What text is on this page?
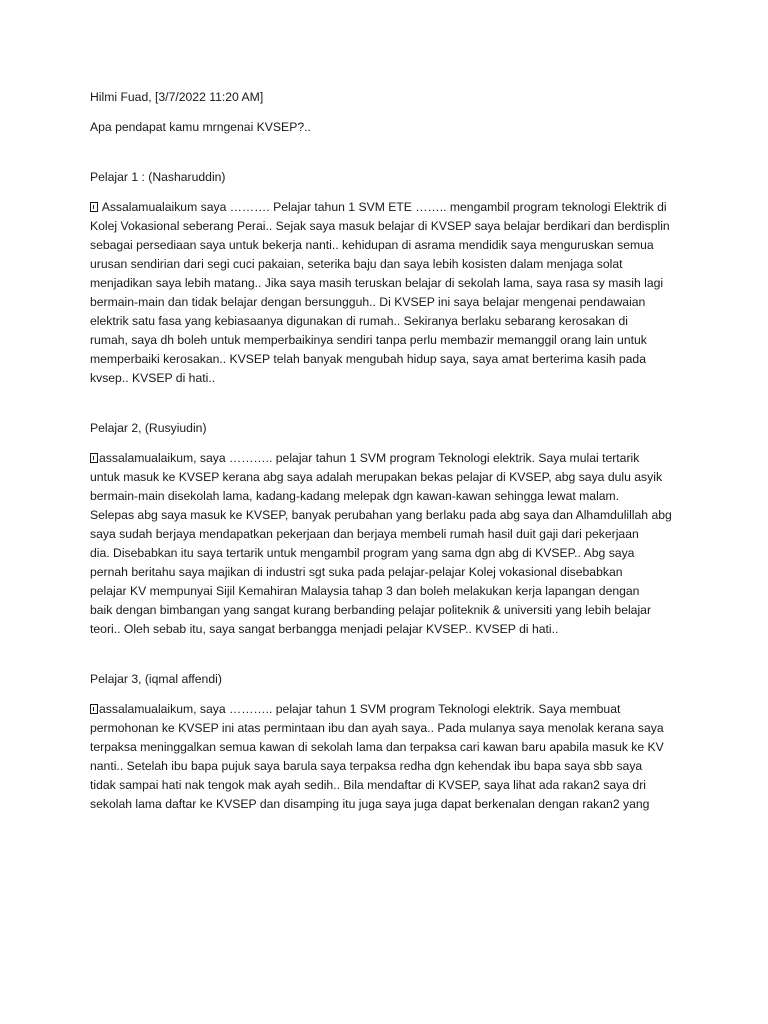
Hilmi Fuad, [3/7/2022 11:20 AM]
Apa pendapat kamu mrngenai KVSEP?..
Pelajar 1 : (Nasharuddin)
Assalamualaikum saya ………. Pelajar tahun 1 SVM ETE …….. mengambil program teknologi Elektrik di
Kolej Vokasional seberang Perai.. Sejak saya masuk belajar di KVSEP saya belajar berdikari dan berdisplin
sebagai persediaan saya untuk bekerja nanti.. kehidupan di asrama mendidik saya menguruskan semua
urusan sendirian dari segi cuci pakaian, seterika baju dan saya lebih kosisten dalam menjaga solat
menjadikan saya lebih matang.. Jika saya masih teruskan belajar di sekolah lama, saya rasa sy masih lagi
bermain-main dan tidak belajar dengan bersungguh.. Di KVSEP ini saya belajar mengenai pendawaian
elektrik satu fasa yang kebiasaanya digunakan di rumah.. Sekiranya berlaku sebarang kerosakan di
rumah, saya dh boleh untuk memperbaikinya sendiri tanpa perlu membazir memanggil orang lain untuk
memperbaiki kerosakan.. KVSEP telah banyak mengubah hidup saya, saya amat berterima kasih pada
kvsep.. KVSEP di hati..
Pelajar 2, (Rusyiudin)
assalamualaikum, saya ……….. pelajar tahun 1 SVM program Teknologi elektrik. Saya mulai tertarik
untuk masuk ke KVSEP kerana abg saya adalah merupakan bekas pelajar di KVSEP, abg saya dulu asyik
bermain-main disekolah lama, kadang-kadang melepak dgn kawan-kawan sehingga lewat malam.
Selepas abg saya masuk ke KVSEP, banyak perubahan yang berlaku pada abg saya dan Alhamdulillah abg
saya sudah berjaya mendapatkan pekerjaan dan berjaya membeli rumah hasil duit gaji dari pekerjaan
dia. Disebabkan itu saya tertarik untuk mengambil program yang sama dgn abg di KVSEP.. Abg saya
pernah beritahu saya majikan di industri sgt suka pada pelajar-pelajar Kolej vokasional disebabkan
pelajar KV mempunyai Sijil Kemahiran Malaysia tahap 3 dan boleh melakukan kerja lapangan dengan
baik dengan bimbangan yang sangat kurang berbanding pelajar politeknik & universiti yang lebih belajar
teori.. Oleh sebab itu, saya sangat berbangga menjadi pelajar KVSEP.. KVSEP di hati..
Pelajar 3, (iqmal affendi)
assalamualaikum, saya ……….. pelajar tahun 1 SVM program Teknologi elektrik. Saya membuat
permohonan ke KVSEP ini atas permintaan ibu dan ayah saya.. Pada mulanya saya menolak kerana saya
terpaksa meninggalkan semua kawan di sekolah lama dan terpaksa cari kawan baru apabila masuk ke KV
nanti.. Setelah ibu bapa pujuk saya barula saya terpaksa redha dgn kehendak ibu bapa saya sbb saya
tidak sampai hati nak tengok mak ayah sedih.. Bila mendaftar di KVSEP, saya lihat ada rakan2 saya dri
sekolah lama daftar ke KVSEP dan disamping itu juga saya juga dapat berkenalan dengan rakan2 yang
